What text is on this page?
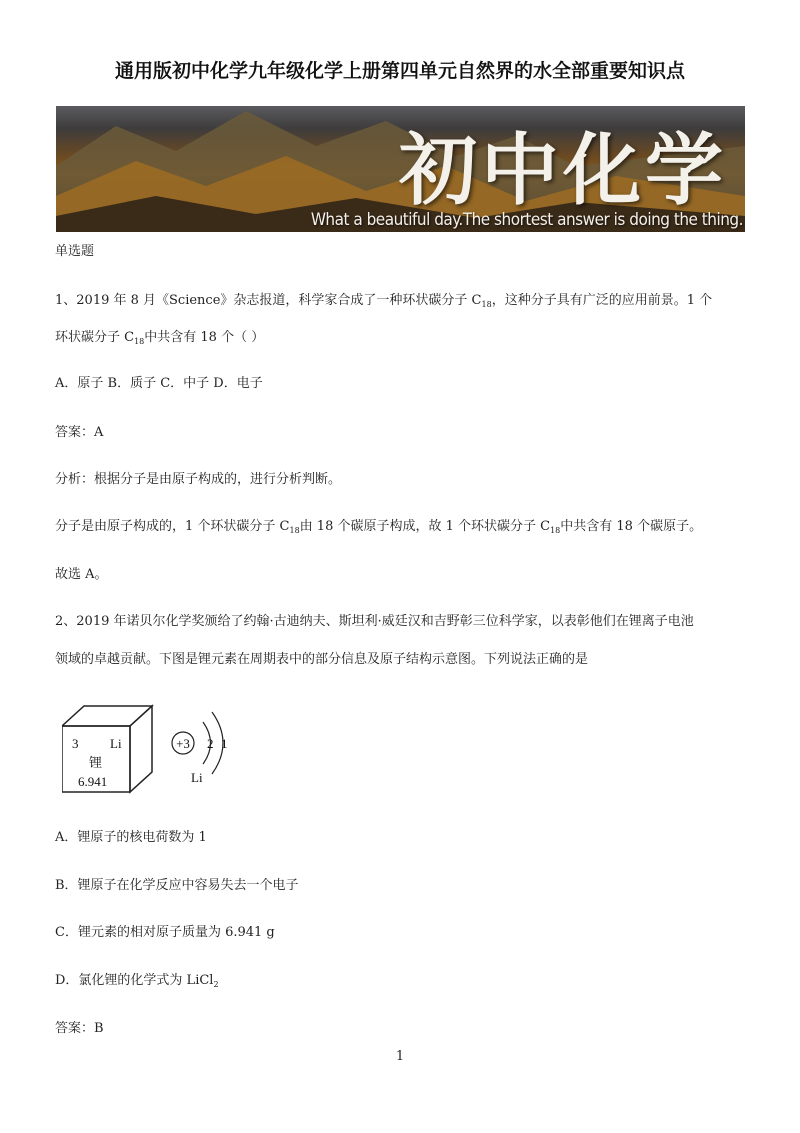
通用版初中化学九年级化学上册第四单元自然界的水全部重要知识点
初中化学
What a beautiful day.The shortest answer is doing the thing.
单选题
1、2019 年 8 月《Science》杂志报道，科学家合成了一种环状碳分子 $C_{18}$，这种分子具有广泛的应用前景。1 个
环状碳分子 $C_{18}$中共含有 18 个（ ）
A．原子 B．质子 C．中子 D．电子
答案：A
分析：根据分子是由原子构成的，进行分析判断。
分子是由原子构成的，1 个环状碳分子 $C_{18}$由 18 个碳原子构成，故 1 个环状碳分子 $C_{18}$中共含有 18 个碳原子。
故选 A。
2、2019 年诺贝尔化学奖颁给了约翰·古迪纳夫、斯坦利·威廷汉和吉野彰三位科学家，以表彰他们在锂离子电池
领域的卓越贡献。下图是锂元素在周期表中的部分信息及原子结构示意图。下列说法正确的是
3 Li
锂
6.941
+3 2 1
Li
A．锂原子的核电荷数为 1
B．锂原子在化学反应中容易失去一个电子
C．锂元素的相对原子质量为 6.941 g
D．氯化锂的化学式为 LiCl$_2$
答案：B
1
